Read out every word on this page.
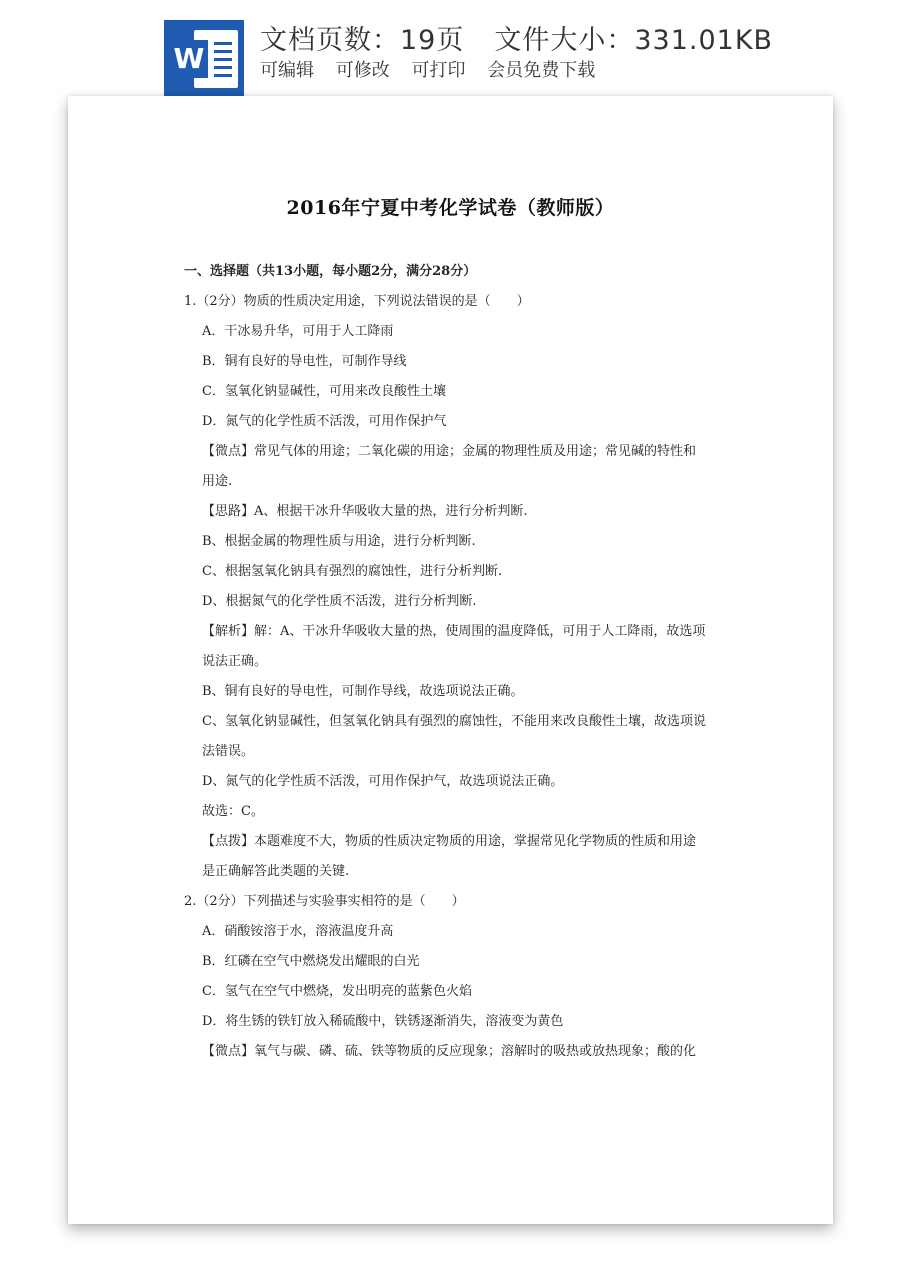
W
文档页数：19页 文件大小：331.01KB
可编辑 可修改 可打印 会员免费下载
2016年宁夏中考化学试卷（教师版）
一、选择题（共13小题，每小题2分，满分28分）
1.（2分）物质的性质决定用途，下列说法错误的是（　　）
A．干冰易升华，可用于人工降雨
B．铜有良好的导电性，可制作导线
C．氢氧化钠显碱性，可用来改良酸性土壤
D．氮气的化学性质不活泼，可用作保护气
【微点】常见气体的用途；二氧化碳的用途；金属的物理性质及用途；常见碱的特性和
用途.
【思路】A、根据干冰升华吸收大量的热，进行分析判断.
B、根据金属的物理性质与用途，进行分析判断.
C、根据氢氧化钠具有强烈的腐蚀性，进行分析判断.
D、根据氮气的化学性质不活泼，进行分析判断.
【解析】解：A、干冰升华吸收大量的热，使周围的温度降低，可用于人工降雨，故选项
说法正确。
B、铜有良好的导电性，可制作导线，故选项说法正确。
C、氢氧化钠显碱性，但氢氧化钠具有强烈的腐蚀性，不能用来改良酸性土壤，故选项说
法错误。
D、氮气的化学性质不活泼，可用作保护气，故选项说法正确。
故选：C。
【点拨】本题难度不大，物质的性质决定物质的用途，掌握常见化学物质的性质和用途
是正确解答此类题的关键.
2.（2分）下列描述与实验事实相符的是（　　）
A．硝酸铵溶于水，溶液温度升高
B．红磷在空气中燃烧发出耀眼的白光
C．氢气在空气中燃烧，发出明亮的蓝紫色火焰
D．将生锈的铁钉放入稀硫酸中，铁锈逐渐消失，溶液变为黄色
【微点】氧气与碳、磷、硫、铁等物质的反应现象；溶解时的吸热或放热现象；酸的化
